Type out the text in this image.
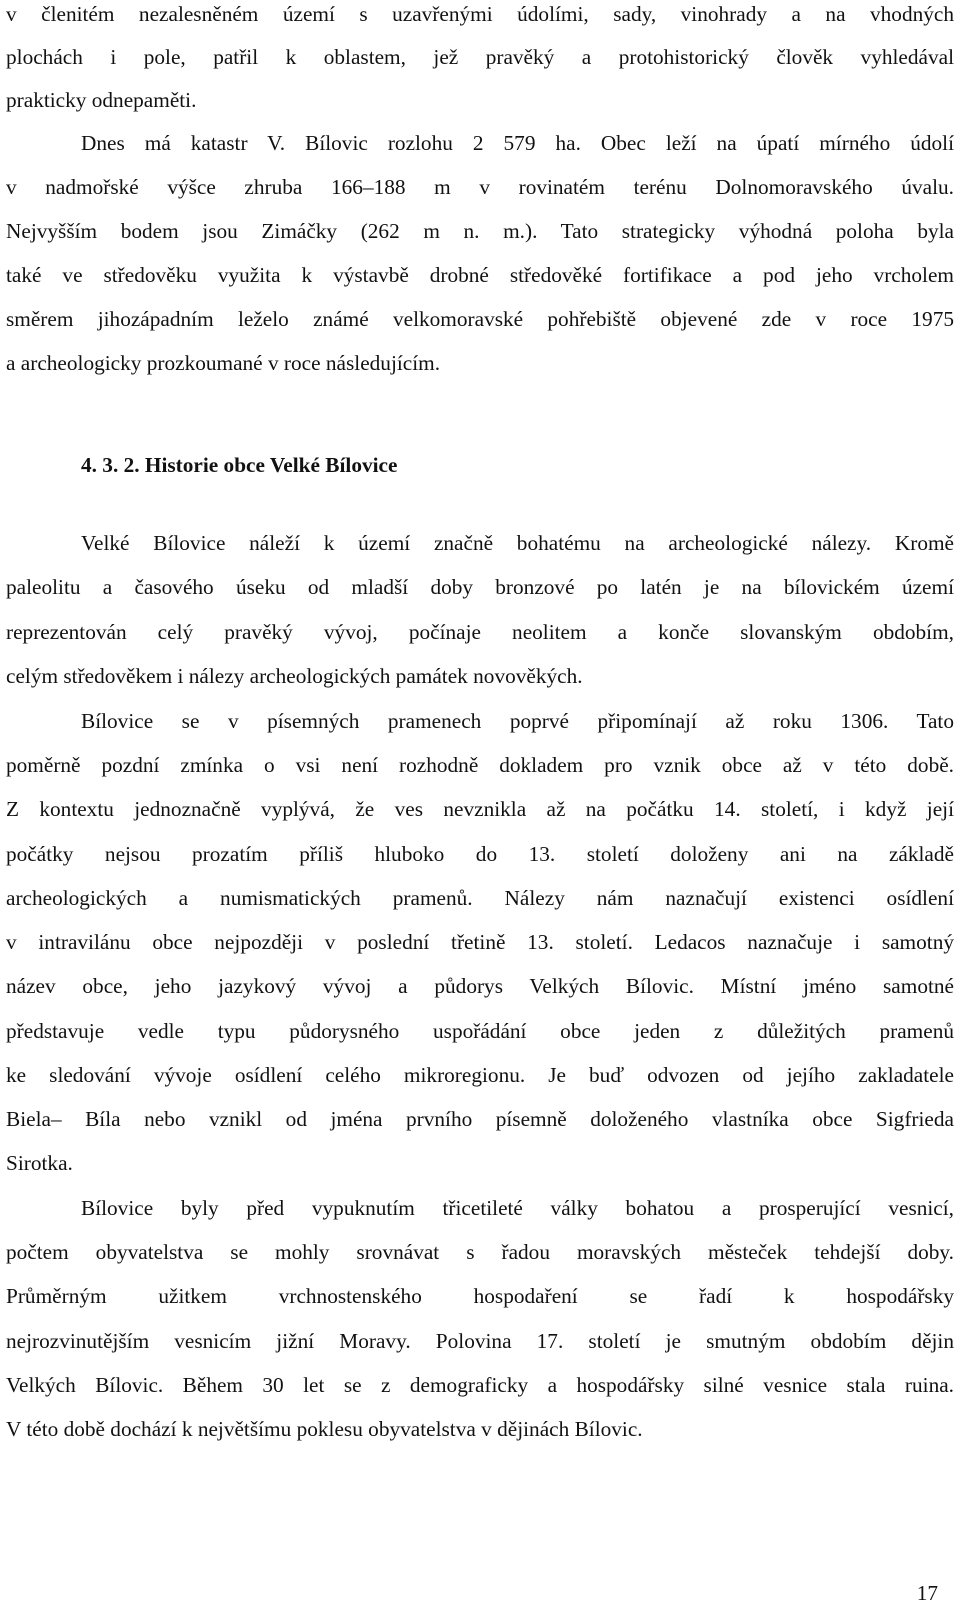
v členitém nezalesněném území s uzavřenými údolími, sady, vinohrady a na vhodných
plochách i pole, patřil k oblastem, jež pravěký a protohistorický člověk vyhledával
prakticky odnepaměti.
Dnes má katastr V. Bílovic rozlohu 2 579 ha. Obec leží na úpatí mírného údolí
v nadmořské výšce zhruba 166–188 m v rovinatém terénu Dolnomoravského úvalu.
Nejvyšším bodem jsou Zimáčky (262 m n. m.). Tato strategicky výhodná poloha byla
také ve středověku využita k výstavbě drobné středověké fortifikace a pod jeho vrcholem
směrem jihozápadním leželo známé velkomoravské pohřebiště objevené zde v roce 1975
a archeologicky prozkoumané v roce následujícím.
4. 3. 2. Historie obce Velké Bílovice
Velké Bílovice náleží k území značně bohatému na archeologické nálezy. Kromě
paleolitu a časového úseku od mladší doby bronzové po latén je na bílovickém území
reprezentován celý pravěký vývoj, počínaje neolitem a konče slovanským obdobím,
celým středověkem i nálezy archeologických památek novověkých.
Bílovice se v písemných pramenech poprvé připomínají až roku 1306. Tato
poměrně pozdní zmínka o vsi není rozhodně dokladem pro vznik obce až v této době.
Z kontextu jednoznačně vyplývá, že ves nevznikla až na počátku 14. století, i když její
počátky nejsou prozatím příliš hluboko do 13. století doloženy ani na základě
archeologických a numismatických pramenů. Nálezy nám naznačují existenci osídlení
v intravilánu obce nejpozději v poslední třetině 13. století. Ledacos naznačuje i samotný
název obce, jeho jazykový vývoj a půdorys Velkých Bílovic. Místní jméno samotné
představuje vedle typu půdorysného uspořádání obce jeden z důležitých pramenů
ke sledování vývoje osídlení celého mikroregionu. Je buď odvozen od jejího zakladatele
Biela– Bíla nebo vznikl od jména prvního písemně doloženého vlastníka obce Sigfrieda
Sirotka.
Bílovice byly před vypuknutím třicetileté války bohatou a prosperující vesnicí,
počtem obyvatelstva se mohly srovnávat s řadou moravských městeček tehdejší doby.
Průměrným užitkem vrchnostenského hospodaření se řadí k hospodářsky
nejrozvinutějším vesnicím jižní Moravy. Polovina 17. století je smutným obdobím dějin
Velkých Bílovic. Během 30 let se z demograficky a hospodářsky silné vesnice stala ruina.
V této době dochází k největšímu poklesu obyvatelstva v dějinách Bílovic.
17
